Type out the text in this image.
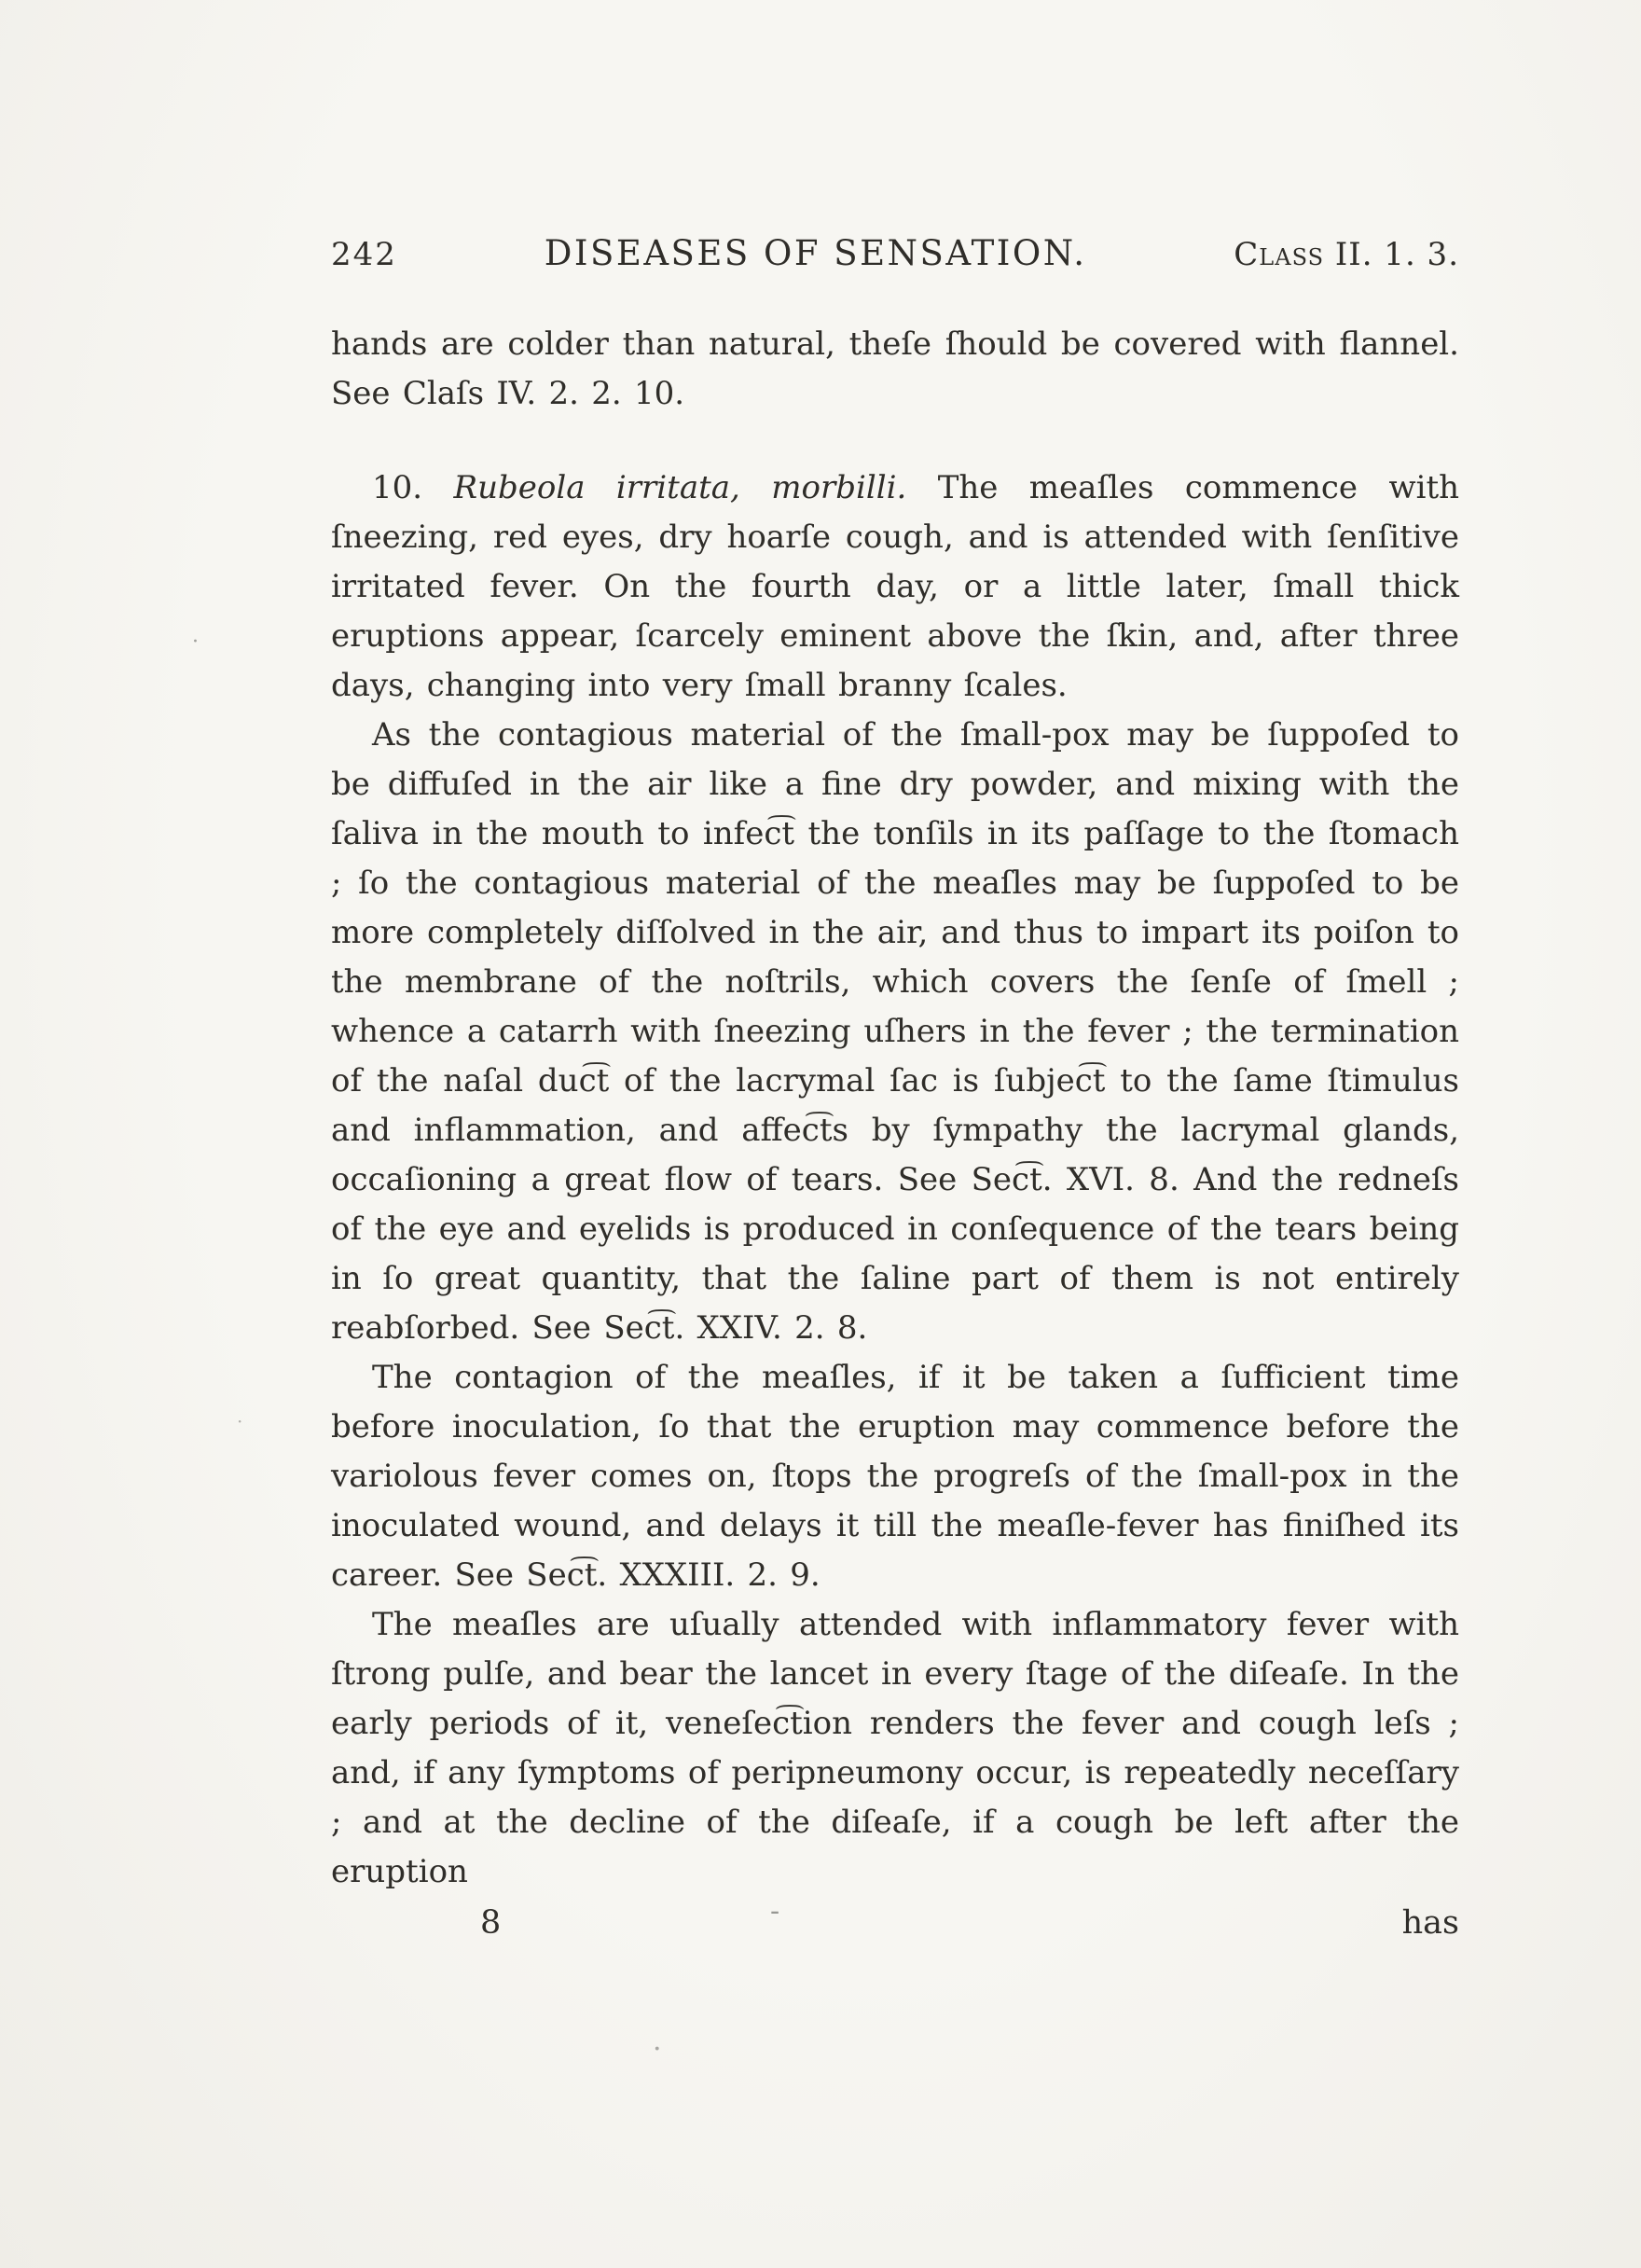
242	DISEASES OF SENSATION.	Class II. 1. 3.

hands are colder than natural, theſe ſhould be covered with flannel. See Claſs IV. 2. 2. 10.

10. Rubeola irritata, morbilli. The meaſles commence with ſneezing, red eyes, dry hoarſe cough, and is attended with ſenſitive irritated fever. On the fourth day, or a little later, ſmall thick eruptions appear, ſcarcely eminent above the ſkin, and, after three days, changing into very ſmall branny ſcales.

As the contagious material of the ſmall-pox may be ſuppoſed to be diffuſed in the air like a fine dry powder, and mixing with the ſaliva in the mouth to infec͡t the tonſils in its paſſage to the ſtomach ; ſo the contagious material of the meaſles may be ſuppoſed to be more completely diſſolved in the air, and thus to impart its poiſon to the membrane of the noſtrils, which covers the ſenſe of ſmell ; whence a catarrh with ſneezing uſhers in the fever ; the termination of the naſal duc͡t of the lacrymal ſac is ſubjec͡t to the ſame ſtimulus and inflammation, and affec͡ts by ſympathy the lacrymal glands, occaſioning a great flow of tears. See Sec͡t. XVI. 8. And the redneſs of the eye and eyelids is produced in conſequence of the tears being in ſo great quantity, that the ſaline part of them is not entirely reabſorbed. See Sec͡t. XXIV. 2. 8.

The contagion of the meaſles, if it be taken a ſufficient time before inoculation, ſo that the eruption may commence before the variolous fever comes on, ſtops the progreſs of the ſmall-pox in the inoculated wound, and delays it till the meaſle-fever has finiſhed its career. See Sec͡t. XXXIII. 2. 9.

The meaſles are uſually attended with inflammatory fever with ſtrong pulſe, and bear the lancet in every ſtage of the diſeaſe. In the early periods of it, veneſec͡tion renders the fever and cough leſs ; and, if any ſymptoms of peripneumony occur, is repeatedly neceſſary ; and at the decline of the diſeaſe, if a cough be left after the eruption

8	has
-
·
·
·
